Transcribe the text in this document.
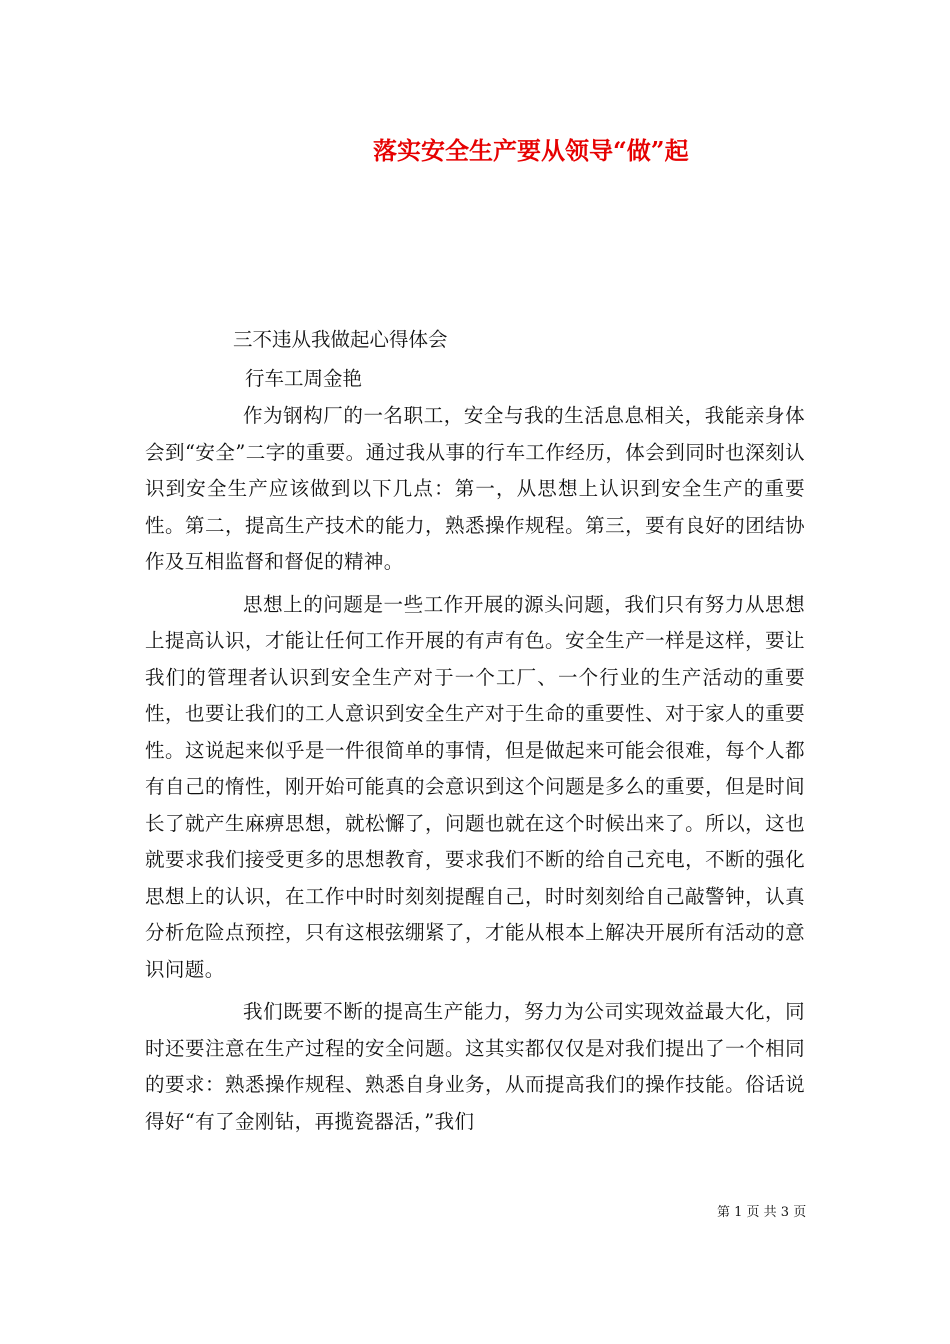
落实安全生产要从领导“做”起
三不违从我做起心得体会
行车工周金艳

作为钢构厂的一名职工，安全与我的生活息息相关，我能亲身体会到“安全”二字的重要。通过我从事的行车工作经历，体会到同时也深刻认识到安全生产应该做到以下几点：第一，从思想上认识到安全生产的重要性。第二，提高生产技术的能力，熟悉操作规程。第三，要有良好的团结协作及互相监督和督促的精神。

思想上的问题是一些工作开展的源头问题，我们只有努力从思想上提高认识，才能让任何工作开展的有声有色。安全生产一样是这样，要让我们的管理者认识到安全生产对于一个工厂、一个行业的生产活动的重要性，也要让我们的工人意识到安全生产对于生命的重要性、对于家人的重要性。这说起来似乎是一件很简单的事情，但是做起来可能会很难，每个人都有自己的惰性，刚开始可能真的会意识到这个问题是多么的重要，但是时间长了就产生麻痹思想，就松懈了，问题也就在这个时候出来了。所以，这也就要求我们接受更多的思想教育，要求我们不断的给自己充电，不断的强化思想上的认识，在工作中时时刻刻提醒自己，时时刻刻给自己敲警钟，认真分析危险点预控，只有这根弦绷紧了，才能从根本上解决开展所有活动的意识问题。

我们既要不断的提高生产能力，努力为公司实现效益最大化，同时还要注意在生产过程的安全问题。这其实都仅仅是对我们提出了一个相同的要求：熟悉操作规程、熟悉自身业务，从而提高我们的操作技能。俗话说得好“有了金刚钻，再揽瓷器活，”我们

第 1 页 共 3 页
